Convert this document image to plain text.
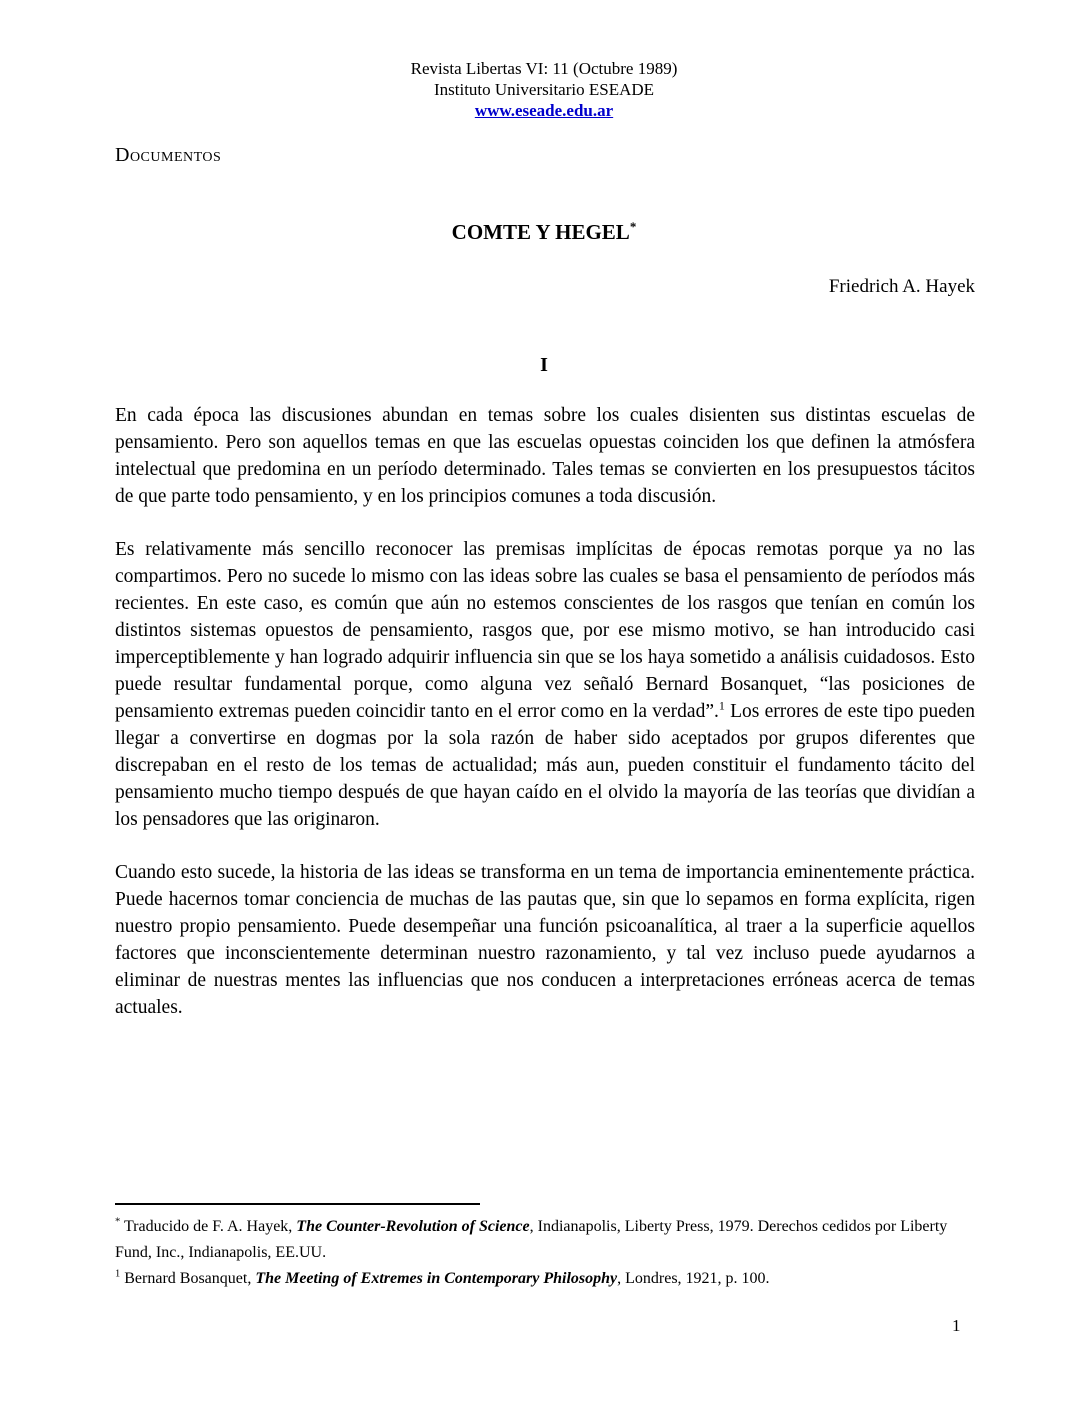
Revista Libertas VI: 11 (Octubre 1989)
Instituto Universitario ESEADE
www.eseade.edu.ar
Documentos
COMTE Y HEGEL*
Friedrich A. Hayek
I

En cada época las discusiones abundan en temas sobre los cuales disienten sus distintas escuelas de pensamiento. Pero son aquellos temas en que las escuelas opuestas coinciden los que definen la atmósfera intelectual que predomina en un período determinado. Tales temas se convierten en los presupuestos tácitos de que parte todo pensamiento, y en los principios comunes a toda discusión.

Es relativamente más sencillo reconocer las premisas implícitas de épocas remotas porque ya no las compartimos. Pero no sucede lo mismo con las ideas sobre las cuales se basa el pensamiento de períodos más recientes. En este caso, es común que aún no estemos conscientes de los rasgos que tenían en común los distintos sistemas opuestos de pensamiento, rasgos que, por ese mismo motivo, se han introducido casi imperceptiblemente y han logrado adquirir influencia sin que se los haya sometido a análisis cuidadosos. Esto puede resultar fundamental porque, como alguna vez señaló Bernard Bosanquet, “las posiciones de pensamiento extremas pueden coincidir tanto en el error como en la verdad”.$^1$ Los errores de este tipo pueden llegar a convertirse en dogmas por la sola razón de haber sido aceptados por grupos diferentes que discrepaban en el resto de los temas de actualidad; más aun, pueden constituir el fundamento tácito del pensamiento mucho tiempo después de que hayan caído en el olvido la mayoría de las teorías que dividían a los pensadores que las originaron.

Cuando esto sucede, la historia de las ideas se transforma en un tema de importancia eminentemente práctica. Puede hacernos tomar conciencia de muchas de las pautas que, sin que lo sepamos en forma explícita, rigen nuestro propio pensamiento. Puede desempeñar una función psicoanalítica, al traer a la superficie aquellos factores que inconscientemente determinan nuestro razonamiento, y tal vez incluso puede ayudarnos a eliminar de nuestras mentes las influencias que nos conducen a interpretaciones erróneas acerca de temas actuales.

* Traducido de F. A. Hayek, The Counter-Revolution of Science, Indianapolis, Liberty Press, 1979. Derechos cedidos por Liberty Fund, Inc., Indianapolis, EE.UU.
$^1$ Bernard Bosanquet, The Meeting of Extremes in Contemporary Philosophy, Londres, 1921, p. 100.
1
